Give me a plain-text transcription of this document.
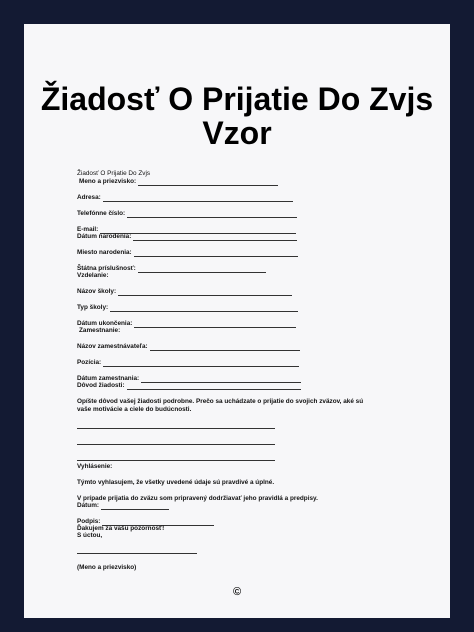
Žiadosť O Prijatie Do Zvjs
Vzor
Žiadosť O Prijatie Do Zvjs
Meno a priezvisko:
Adresa:
Telefónne číslo:
E-mail:
Dátum narodenia:
Miesto narodenia:
Štátna príslušnosť:
Vzdelanie:
Názov školy:
Typ školy:
Dátum ukončenia:
Zamestnanie:
Názov zamestnávateľa:
Pozícia:
Dátum zamestnania:
Dôvod žiadosti:
Opíšte dôvod vašej žiadosti podrobne. Prečo sa uchádzate o prijatie do svojich zväzov, aké sú vaše motivácie a ciele do budúcnosti.
Vyhlásenie:
Týmto vyhlasujem, že všetky uvedené údaje sú pravdivé a úplné.
V prípade prijatia do zväzu som pripravený dodržiavať jeho pravidlá a predpisy.
Dátum:
Podpis:
Ďakujem za vašu pozornosť!
S úctou,
(Meno a priezvisko)
©
